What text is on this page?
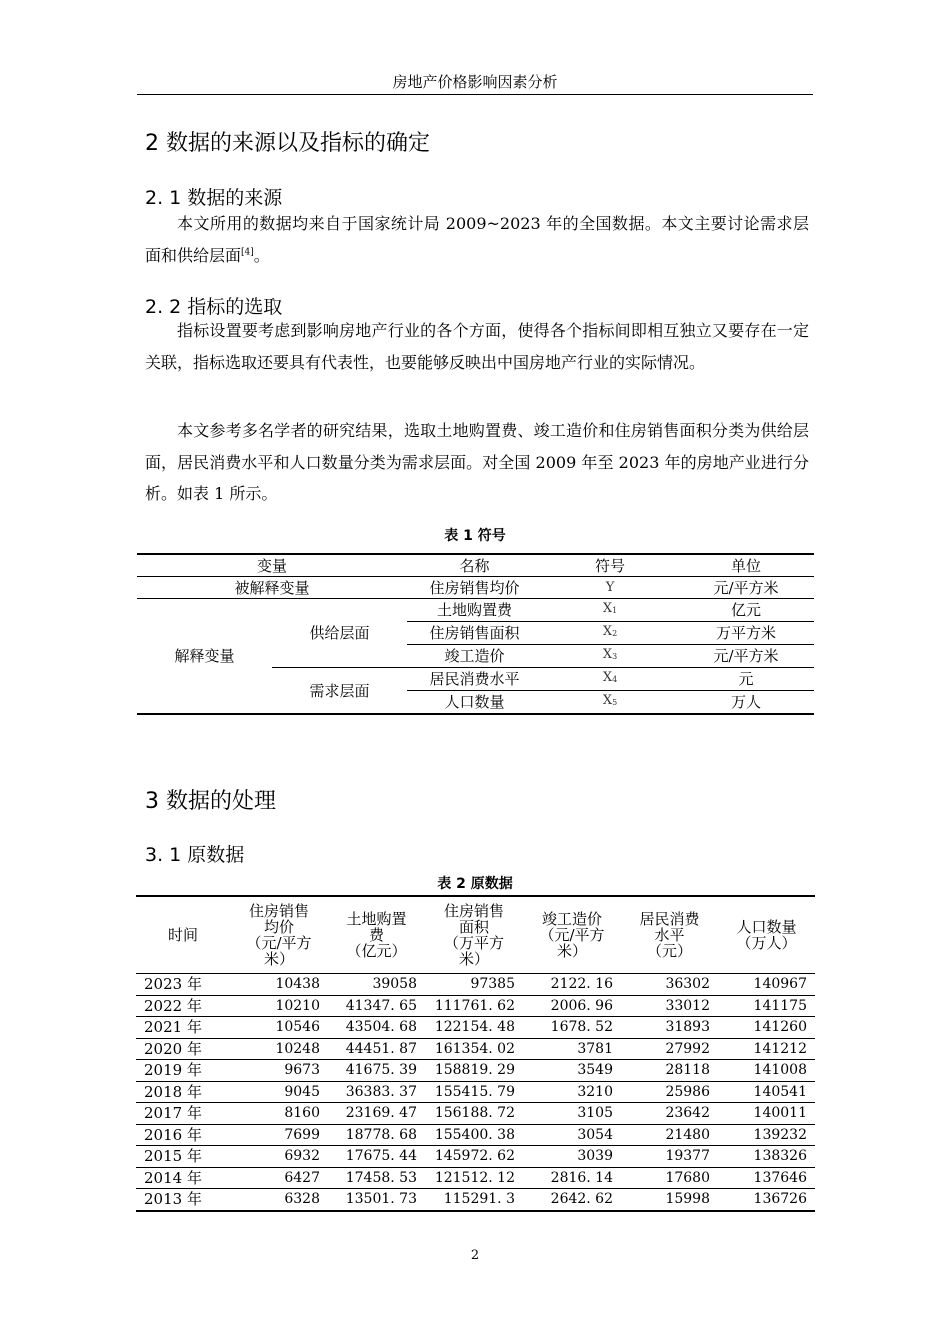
房地产价格影响因素分析
2 数据的来源以及指标的确定
2. 1 数据的来源

本文所用的数据均来自于国家统计局 2009~2023 年的全国数据。本文主要讨论需求层面和供给层面[4]。

2. 2 指标的选取

指标设置要考虑到影响房地产行业的各个方面，使得各个指标间即相互独立又要存在一定关联，指标选取还要具有代表性，也要能够反映出中国房地产行业的实际情况。

本文参考多名学者的研究结果，选取土地购置费、竣工造价和住房销售面积分类为供给层面，居民消费水平和人口数量分类为需求层面。对全国 2009 年至 2023 年的房地产业进行分析。如表 1 所示。

表 1 符号
变量		名称	符号	单位
被解释变量		住房销售均价	Y	元/平方米
解释变量	供给层面	土地购置费	$X_1$	亿元
		住房销售面积	$X_2$	万平方米
		竣工造价	$X_3$	元/平方米
	需求层面	居民消费水平	$X_4$	元
		人口数量	$X_5$	万人
3 数据的处理
3. 1 原数据
表 2 原数据
时间	住房销售
均价
（元/平方
米）	土地购置
费
（亿元）	住房销售
面积
（万平方
米）	竣工造价
（元/平方
米）	居民消费
水平
（元）	人口数量
（万人）
2023 年	10438	39058	97385	2122. 16	36302	140967
2022 年	10210	41347. 65	111761. 62	2006. 96	33012	141175
2021 年	10546	43504. 68	122154. 48	1678. 52	31893	141260
2020 年	10248	44451. 87	161354. 02	3781	27992	141212
2019 年	9673	41675. 39	158819. 29	3549	28118	141008
2018 年	9045	36383. 37	155415. 79	3210	25986	140541
2017 年	8160	23169. 47	156188. 72	3105	23642	140011
2016 年	7699	18778. 68	155400. 38	3054	21480	139232
2015 年	6932	17675. 44	145972. 62	3039	19377	138326
2014 年	6427	17458. 53	121512. 12	2816. 14	17680	137646
2013 年	6328	13501. 73	115291. 3	2642. 62	15998	136726
2
